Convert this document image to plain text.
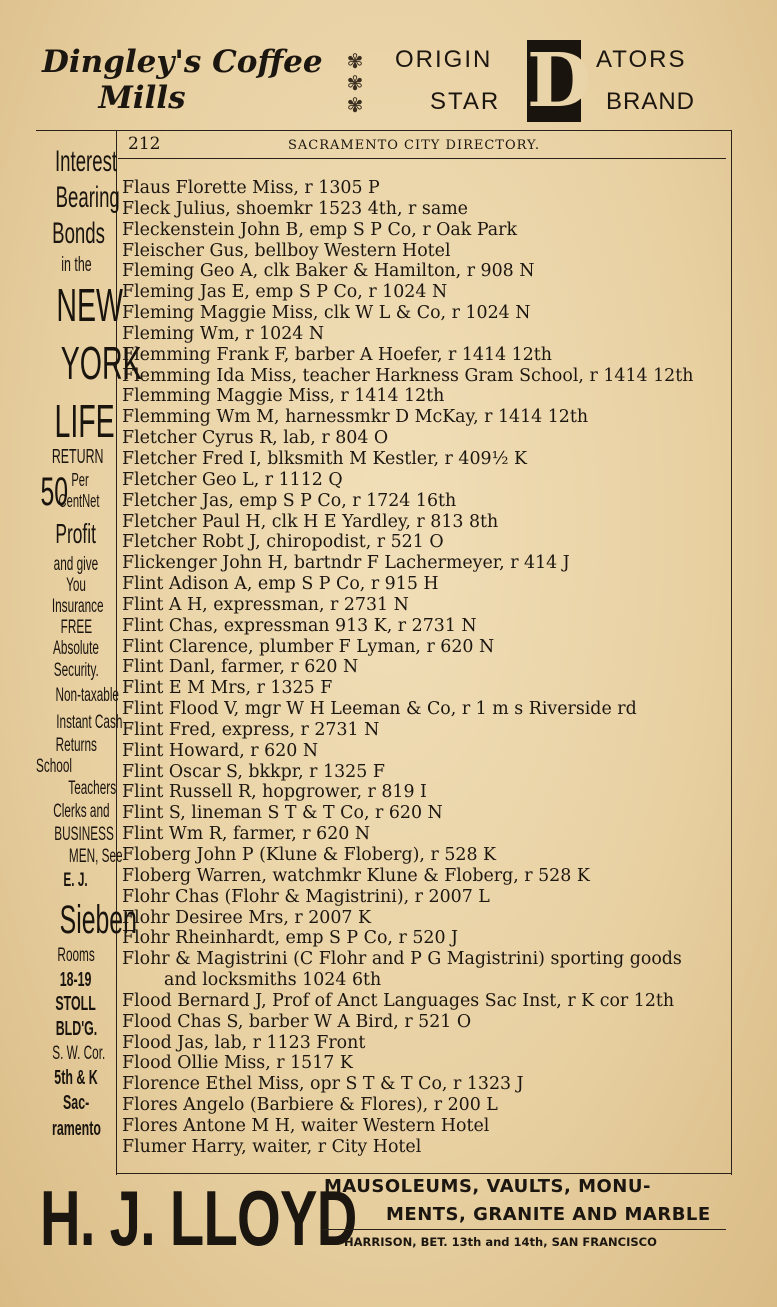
Dingley's Coffee
Mills
✾
✾
✾
ORIGIN
STAR D ATORS
BRAND
212	SACRAMENTO CITY DIRECTORY.
Flaus Florette Miss, r 1305 P
Fleck Julius, shoemkr 1523 4th, r same
Fleckenstein John B, emp S P Co, r Oak Park
Fleischer Gus, bellboy Western Hotel
Fleming Geo A, clk Baker & Hamilton, r 908 N
Fleming Jas E, emp S P Co, r 1024 N
Fleming Maggie Miss, clk W L & Co, r 1024 N
Fleming Wm, r 1024 N
Flemming Frank F, barber A Hoefer, r 1414 12th
Flemming Ida Miss, teacher Harkness Gram School, r 1414 12th
Flemming Maggie Miss, r 1414 12th
Flemming Wm M, harnessmkr D McKay, r 1414 12th
Fletcher Cyrus R, lab, r 804 O
Fletcher Fred I, blksmith M Kestler, r 409½ K
Fletcher Geo L, r 1112 Q
Fletcher Jas, emp S P Co, r 1724 16th
Fletcher Paul H, clk H E Yardley, r 813 8th
Fletcher Robt J, chiropodist, r 521 O
Flickenger John H, bartndr F Lachermeyer, r 414 J
Flint Adison A, emp S P Co, r 915 H
Flint A H, expressman, r 2731 N
Flint Chas, expressman 913 K, r 2731 N
Flint Clarence, plumber F Lyman, r 620 N
Flint Danl, farmer, r 620 N
Flint E M Mrs, r 1325 F
Flint Flood V, mgr W H Leeman & Co, r 1 m s Riverside rd
Flint Fred, express, r 2731 N
Flint Howard, r 620 N
Flint Oscar S, bkkpr, r 1325 F
Flint Russell R, hopgrower, r 819 I
Flint S, lineman S T & T Co, r 620 N
Flint Wm R, farmer, r 620 N
Floberg John P (Klune & Floberg), r 528 K
Floberg Warren, watchmkr Klune & Floberg, r 528 K
Flohr Chas (Flohr & Magistrini), r 2007 L
Flohr Desiree Mrs, r 2007 K
Flohr Rheinhardt, emp S P Co, r 520 J
Flohr & Magistrini (C Flohr and P G Magistrini) sporting goods
and locksmiths 1024 6th
Flood Bernard J, Prof of Anct Languages Sac Inst, r K cor 12th
Flood Chas S, barber W A Bird, r 521 O
Flood Jas, lab, r 1123 Front
Flood Ollie Miss, r 1517 K
Florence Ethel Miss, opr S T & T Co, r 1323 J
Flores Angelo (Barbiere & Flores), r 200 L
Flores Antone M H, waiter Western Hotel
Flumer Harry, waiter, r City Hotel
Interest
Bearing
Bonds
in the
NEW
YORK
LIFE
RETURN
50 Per
CentNet
Profit
and give
You
Insurance
FREE
Absolute
Security.
Non-taxable
Instant Cash
Returns
School
Teachers
Clerks and
BUSINESS
MEN, See
E. J.
Sieben
Rooms
18-19
STOLL
BLD'G.
S. W. Cor.
5th & K
Sac-
ramento
H. J. LLOYD
MAUSOLEUMS, VAULTS, MONU-
MENTS, GRANITE AND MARBLE
HARRISON, BET. 13th and 14th, SAN FRANCISCO
